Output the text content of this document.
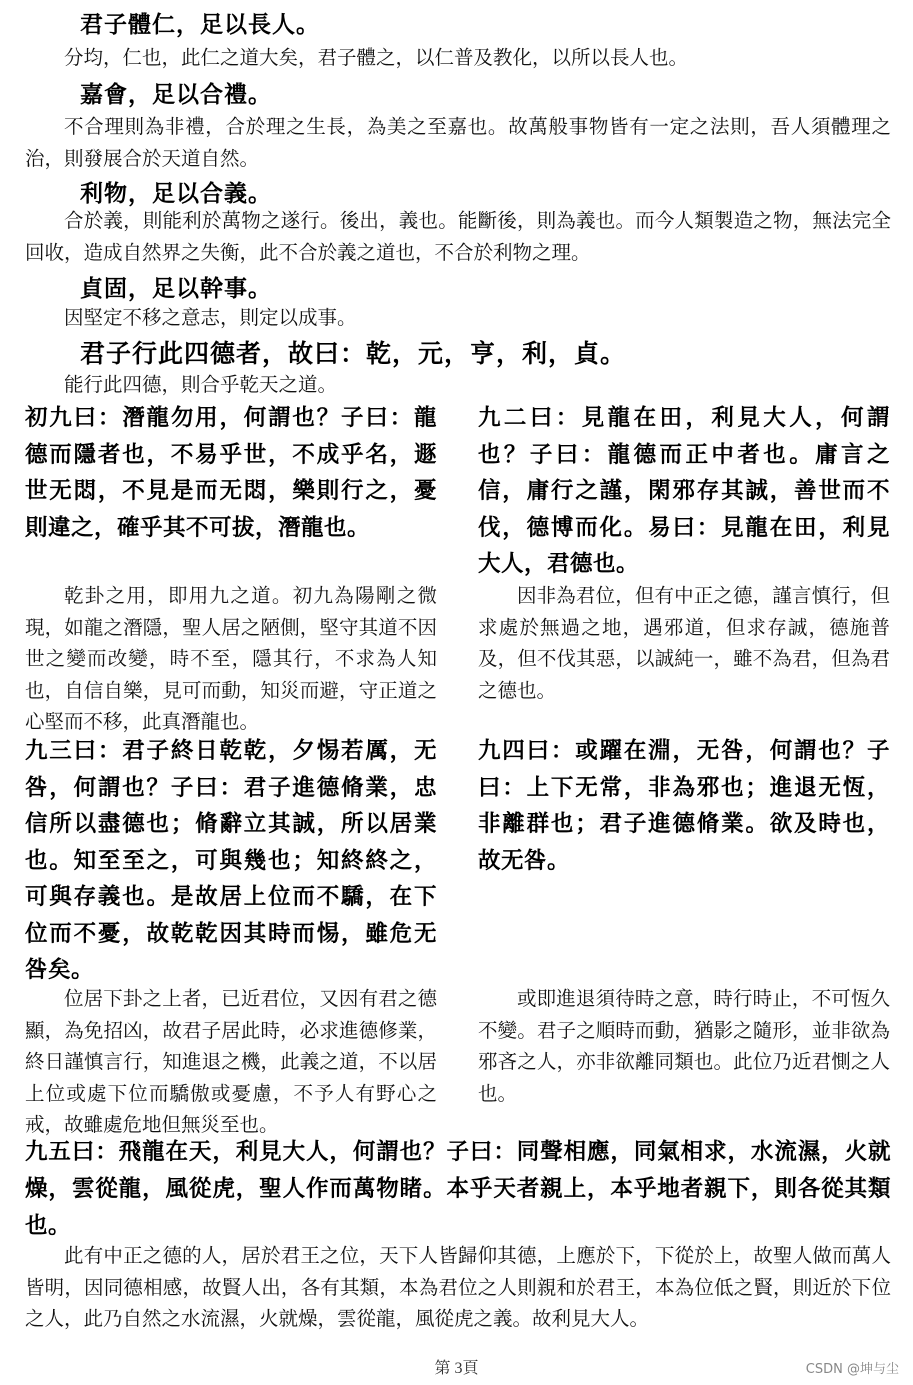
君子體仁，足以長人。

分均，仁也，此仁之道大矣，君子體之，以仁普及教化，以所以長人也。

嘉會，足以合禮。

不合理則為非禮，合於理之生長，為美之至嘉也。故萬般事物皆有一定之法則，吾人須體理之治，則發展合於天道自然。

利物，足以合義。

合於義，則能利於萬物之遂行。後出，義也。能斷後，則為義也。而今人類製造之物，無法完全回收，造成自然界之失衡，此不合於義之道也，不合於利物之理。

貞固，足以幹事。

因堅定不移之意志，則定以成事。

君子行此四德者，故曰：乾，元，亨，利，貞。

能行此四德，則合乎乾天之道。

初九曰：潛龍勿用，何謂也？子曰：龍德而隱者也，不易乎世，不成乎名，遯世无悶，不見是而无悶，樂則行之，憂則違之，確乎其不可拔，潛龍也。

乾卦之用，即用九之道。初九為陽剛之微現，如龍之潛隱，聖人居之陋側，堅守其道不因世之變而改變，時不至，隱其行，不求為人知也，自信自樂，見可而動，知災而避，守正道之心堅而不移，此真潛龍也。

九二曰：見龍在田，利見大人，何謂也？子曰：龍德而正中者也。庸言之信，庸行之謹，閑邪存其誠，善世而不伐，德博而化。易曰：見龍在田，利見大人，君德也。

因非為君位，但有中正之德，謹言慎行，但求處於無過之地，遇邪道，但求存誠，德施普及，但不伐其惡，以誠純一，雖不為君，但為君之德也。

九三曰：君子終日乾乾，夕惕若厲，无咎，何謂也？子曰：君子進德脩業，忠信所以盡德也；脩辭立其誠，所以居業也。知至至之，可與幾也；知終終之，可與存義也。是故居上位而不驕，在下位而不憂，故乾乾因其時而惕，雖危无咎矣。

位居下卦之上者，已近君位，又因有君之德顯，為免招凶，故君子居此時，必求進德修業，終日謹慎言行，知進退之機，此義之道，不以居上位或處下位而驕傲或憂慮，不予人有野心之戒，故雖處危地但無災至也。

九四曰：或躍在淵，无咎，何謂也？子曰：上下无常，非為邪也；進退无恆，非離群也；君子進德脩業。欲及時也，故无咎。

或即進退須待時之意，時行時止，不可恆久不變。君子之順時而動，猶影之隨形，並非欲為邪吝之人，亦非欲離同類也。此位乃近君惻之人也。

九五曰：飛龍在天，利見大人，何謂也？子曰：同聲相應，同氣相求，水流濕，火就燥，雲從龍，風從虎，聖人作而萬物睹。本乎天者親上，本乎地者親下，則各從其類也。

此有中正之德的人，居於君王之位，天下人皆歸仰其德，上應於下，下從於上，故聖人做而萬人皆明，因同德相感，故賢人出，各有其類，本為君位之人則親和於君王，本為位低之賢，則近於下位之人，此乃自然之水流濕，火就燥，雲從龍，風從虎之義。故利見大人。

第 3頁	CSDN @坤与尘
